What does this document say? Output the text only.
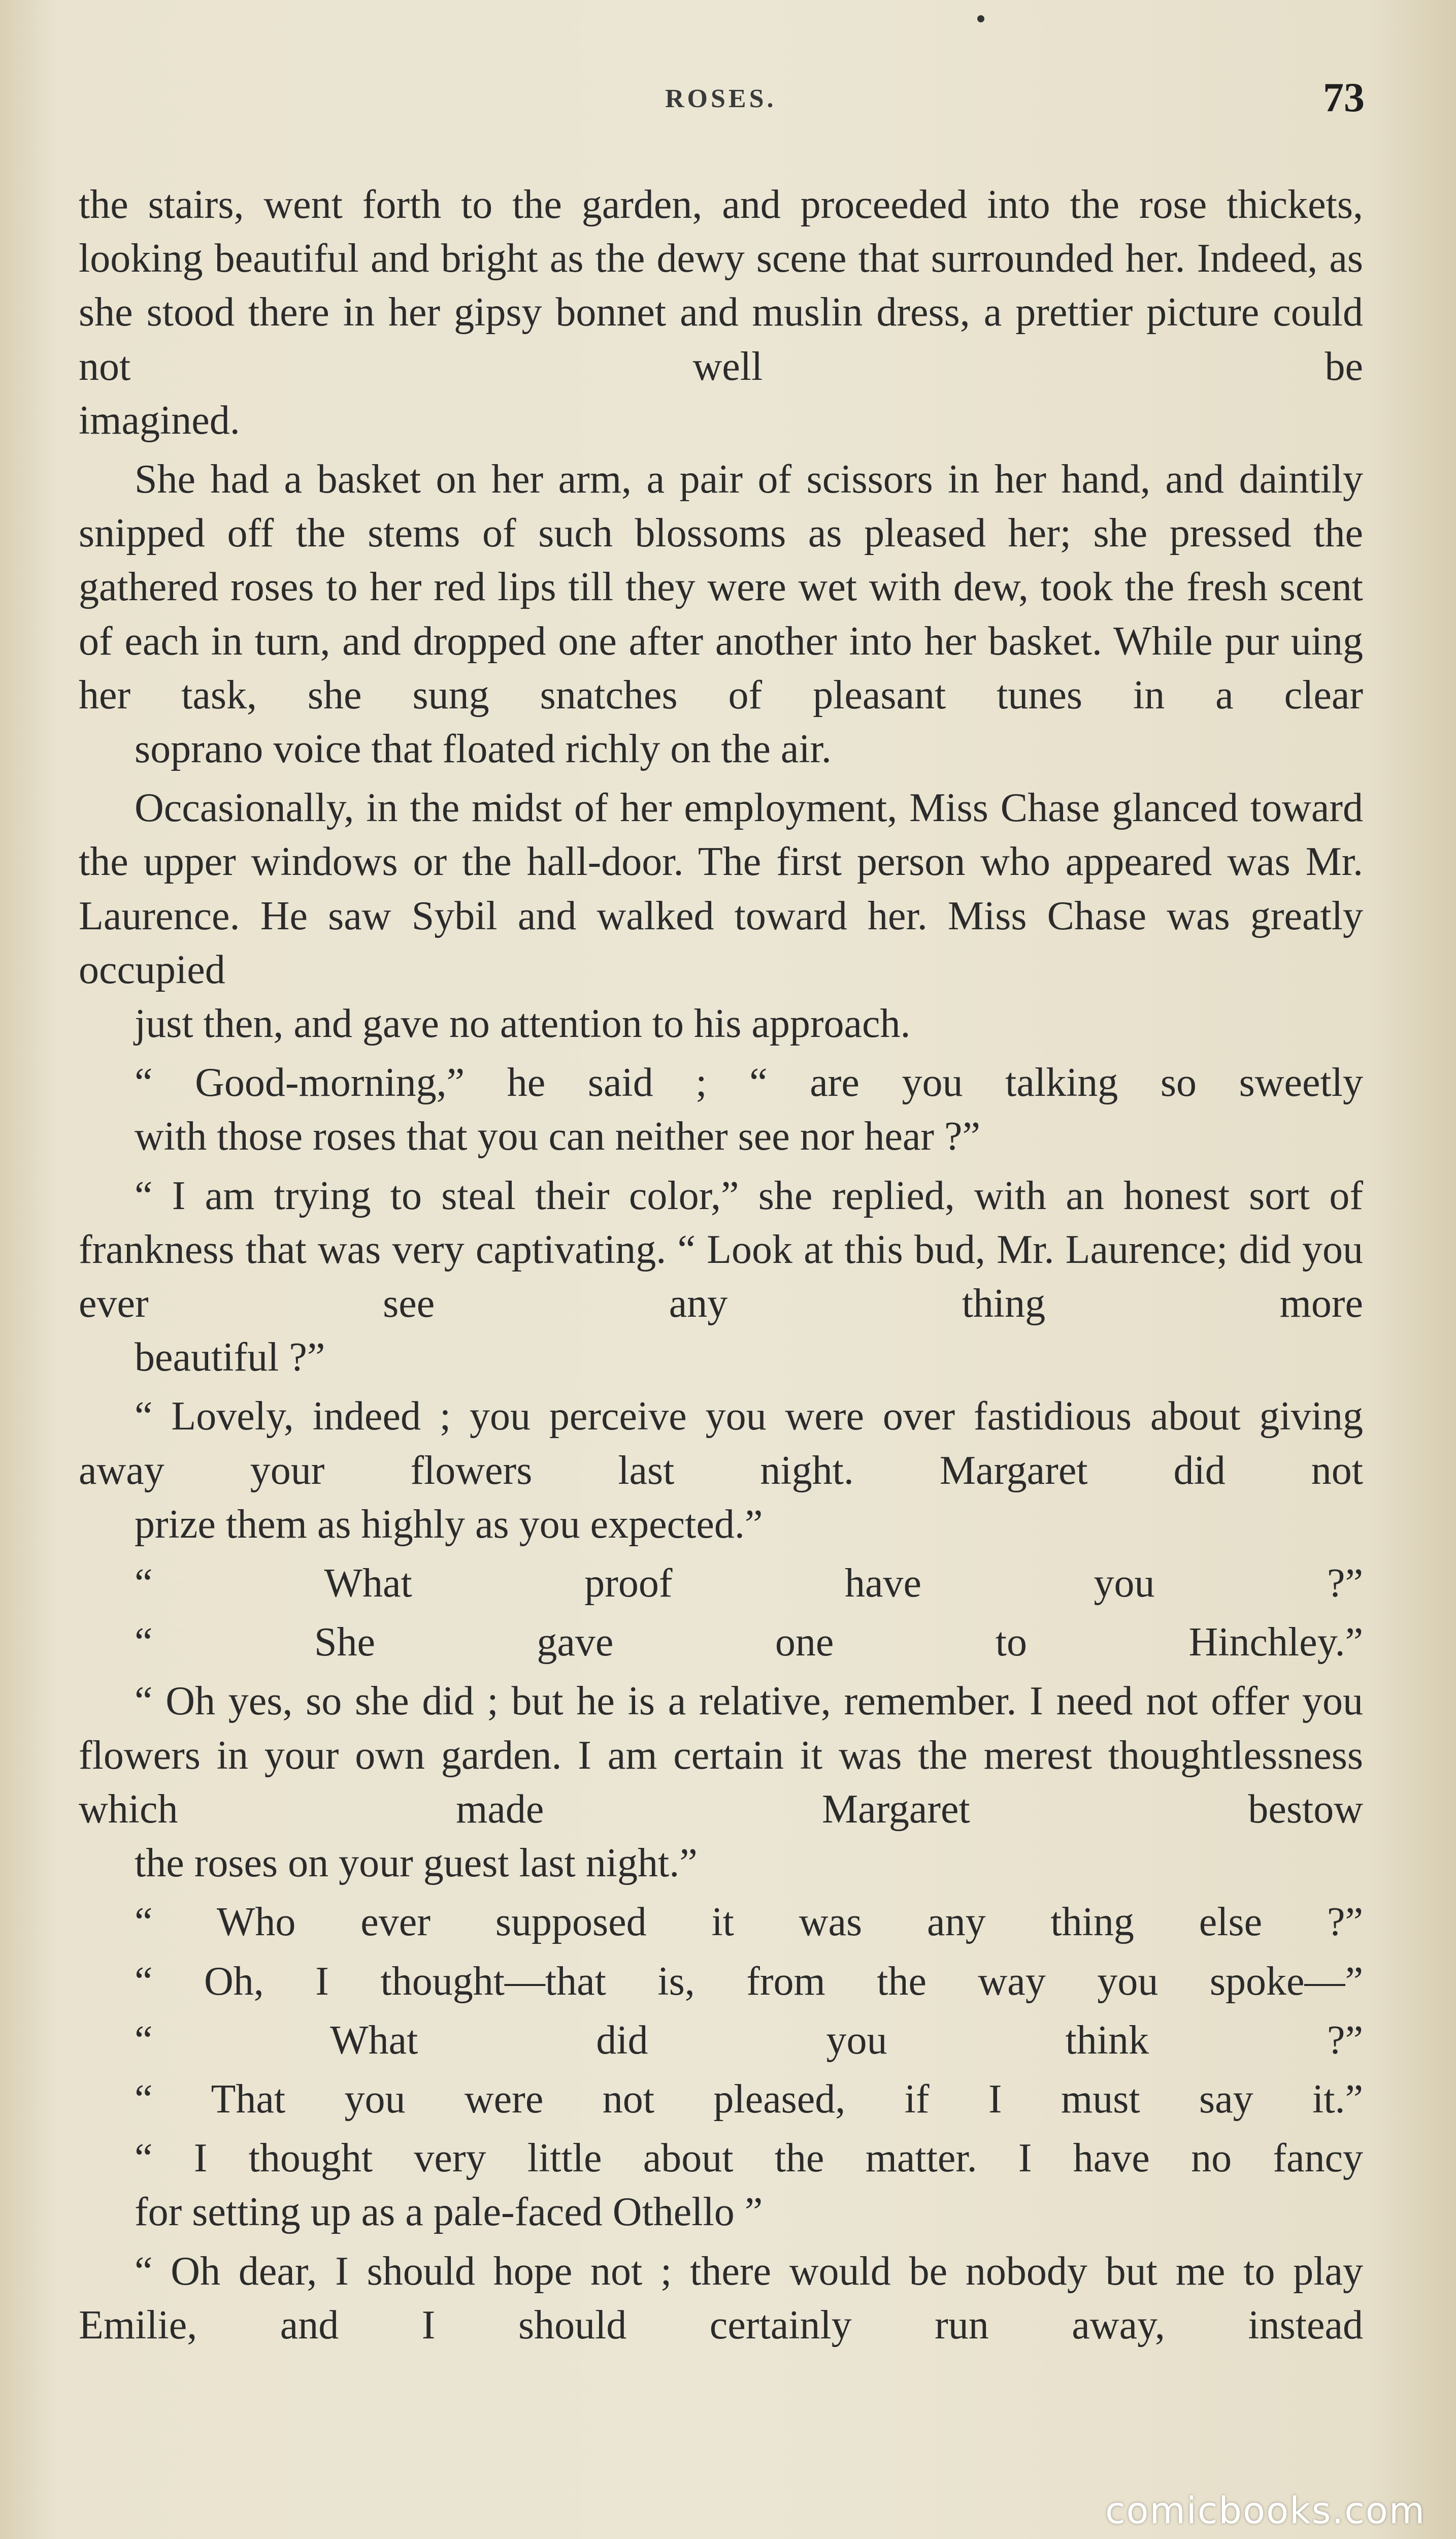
ROSES.	73

the stairs, went forth to the garden, and proceeded into the rose thickets, looking beautiful and bright as the dewy scene that surrounded her. Indeed, as she stood there in her gipsy bonnet and muslin dress, a prettier picture could not well be
imagined.

She had a basket on her arm, a pair of scissors in her hand, and daintily snipped off the stems of such blossoms as pleased her; she pressed the gathered roses to her red lips till they were wet with dew, took the fresh scent of each in turn, and dropped one after another into her basket. While pur uing her task, she sung snatches of pleasant tunes in a clear
soprano voice that floated richly on the air.

Occasionally, in the midst of her employment, Miss Chase glanced toward the upper windows or the hall-door. The first person who appeared was Mr. Laurence. He saw Sybil and walked toward her. Miss Chase was greatly occupied
just then, and gave no attention to his approach.

“ Good-morning,” he said ; “ are you talking so sweetly
with those roses that you can neither see nor hear ?”

“ I am trying to steal their color,” she replied, with an honest sort of frankness that was very captivating. “ Look at this bud, Mr. Laurence; did you ever see any thing more
beautiful ?”

“ Lovely, indeed ; you perceive you were over fastidious about giving away your flowers last night. Margaret did not
prize them as highly as you expected.”

“ What proof have you ?”

“ She gave one to Hinchley.”

“ Oh yes, so she did ; but he is a relative, remember. I need not offer you flowers in your own garden. I am certain it was the merest thoughtlessness which made Margaret bestow
the roses on your guest last night.”

“ Who ever supposed it was any thing else ?”

“ Oh, I thought—that is, from the way you spoke—”

“ What did you think ?”

“ That you were not pleased, if I must say it.”

“ I thought very little about the matter. I have no fancy
for setting up as a pale-faced Othello ”

“ Oh dear, I should hope not ; there would be nobody but me to play Emilie, and I should certainly run away, instead

comicbooks.com
